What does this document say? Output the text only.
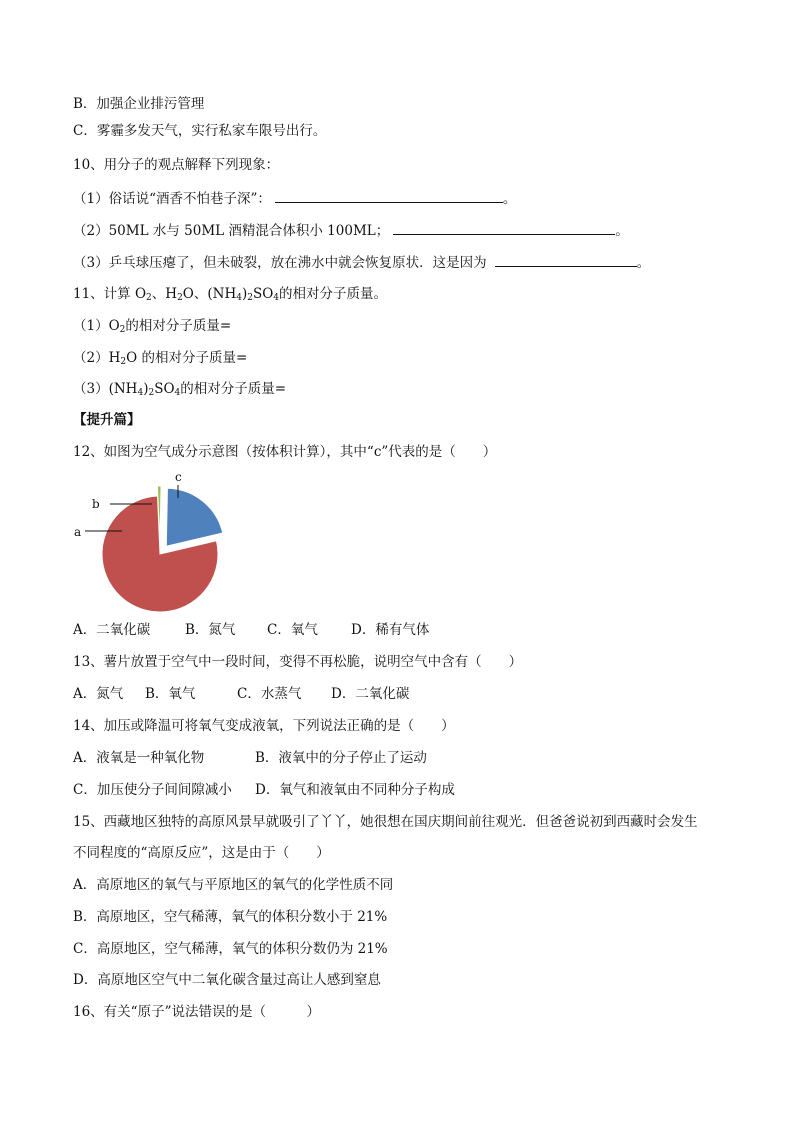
B．加强企业排污管理
C．雾霾多发天气，实行私家车限号出行。
10、用分子的观点解释下列现象：
（1）俗话说“酒香不怕巷子深”：	。
（2）50ML 水与 50ML 酒精混合体积小 100ML；	。
（3）乒乓球压瘪了，但未破裂，放在沸水中就会恢复原状．这是因为	。
11、计算 $O_2$、$H_2O$、$(NH_4)_2SO_4$的相对分子质量。
$(1)O_2$的相对分子质量=
$(2)H_2O$ 的相对分子质量=
$(3)(NH_4)_2SO_4$的相对分子质量=
【提升篇】
12、如图为空气成分示意图（按体积计算），其中“c”代表的是（　　）
a
b
c
A．二氧化碳	B．氮气 C．氧气 D．稀有气体
13、薯片放置于空气中一段时间，变得不再松脆，说明空气中含有（　　）
A．氮气 B．氧气	C．水蒸气 D．二氧化碳
14、加压或降温可将氧气变成液氧，下列说法正确的是（　　）
A．液氧是一种氧化物	B．液氧中的分子停止了运动
C．加压使分子间间隙减小 D．氧气和液氧由不同种分子构成
15、西藏地区独特的高原风景早就吸引了丫丫，她很想在国庆期间前往观光．但爸爸说初到西藏时会发生
不同程度的“高原反应”，这是由于（　　）
A．高原地区的氧气与平原地区的氧气的化学性质不同
B．高原地区，空气稀薄，氧气的体积分数小于 21%
C．高原地区，空气稀薄，氧气的体积分数仍为 21%
D．高原地区空气中二氧化碳含量过高让人感到窒息
16、有关“原子”说法错误的是（　　　）
